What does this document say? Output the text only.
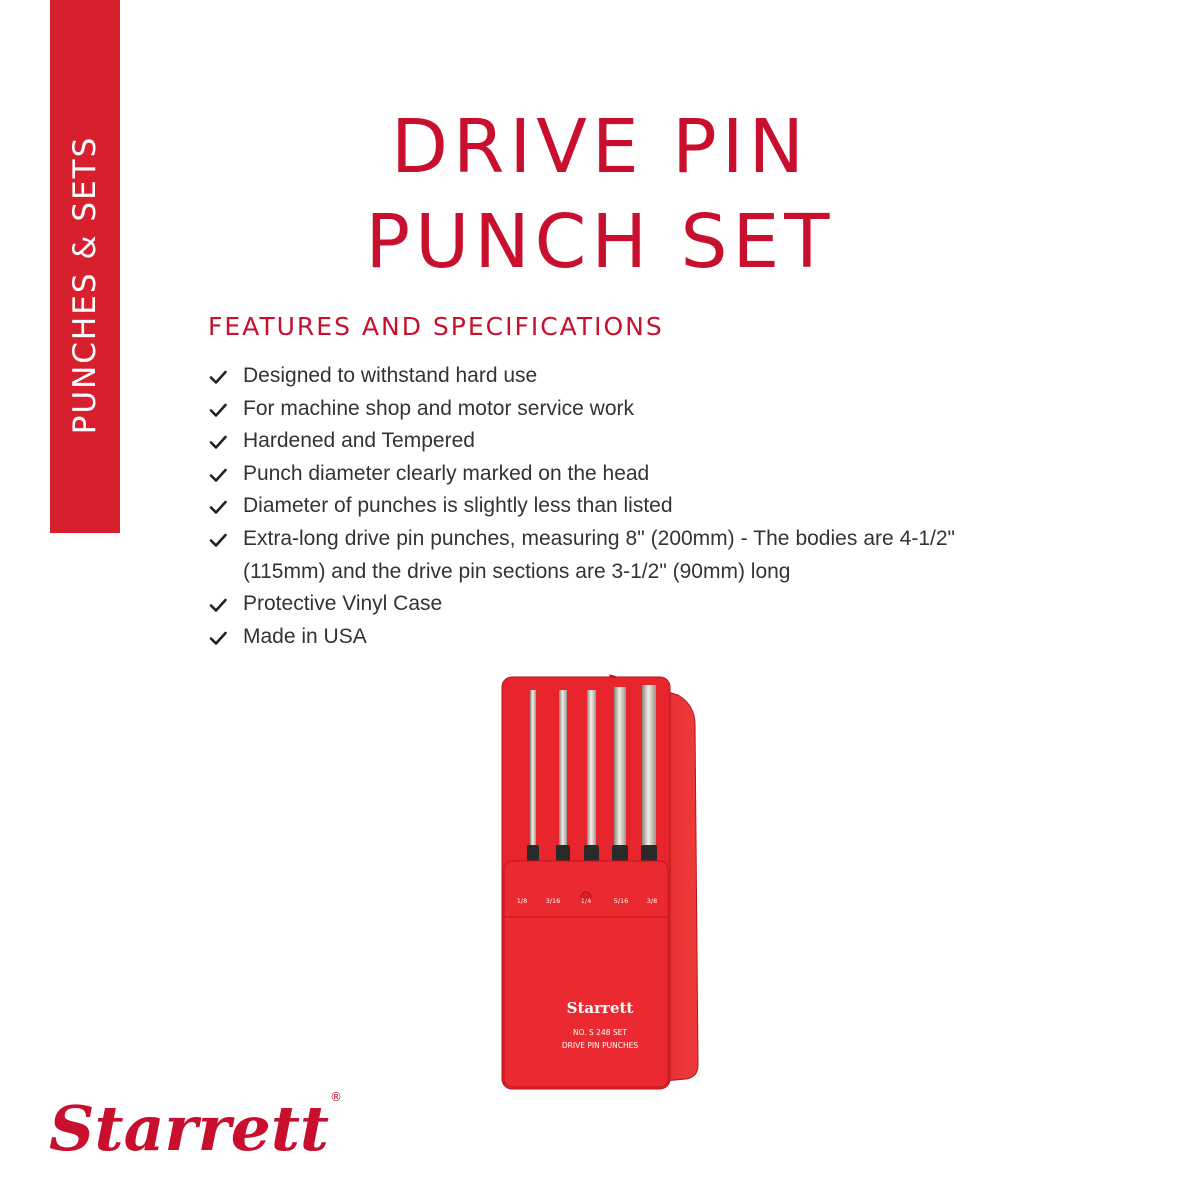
PUNCHES & SETS	DRIVE PIN
PUNCH SET
FEATURES AND SPECIFICATIONS
Designed to withstand hard use
For machine shop and motor service work
Hardened and Tempered
Punch diameter clearly marked on the head
Diameter of punches is slightly less than listed
Extra-long drive pin punches, measuring 8" (200mm) - The bodies are 4-1/2" (115mm) and the drive pin sections are 3-1/2" (90mm) long
Protective Vinyl Case
Made in USA
1/8	3/16	1/4	5/16	3/8
Starrett
NO. S 248 SET
DRIVE PIN PUNCHES
Starrett ®
